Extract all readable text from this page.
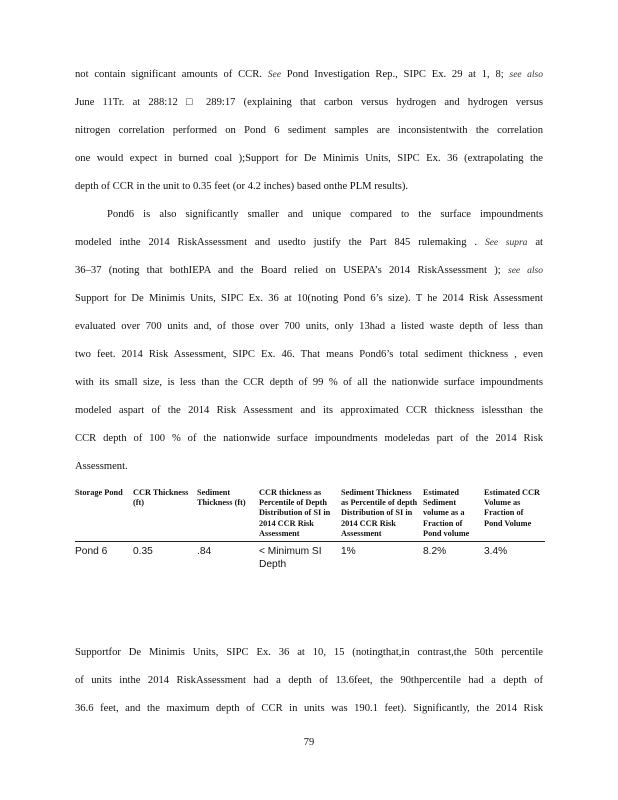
not contain significant amounts of CCR. See Pond Investigation Rep., SIPC Ex. 29 at 1, 8; see also
June 11Tr. at 288:12 □ 289:17 (explaining that carbon versus hydrogen and hydrogen versus
nitrogen correlation performed on Pond 6 sediment samples are inconsistentwith the correlation
one would expect in burned coal );Support for De Minimis Units, SIPC Ex. 36 (extrapolating the
depth of CCR in the unit to 0.35 feet (or 4.2 inches) based onthe PLM results).
Pond6 is also significantly smaller and unique compared to the surface impoundments
modeled inthe 2014 RiskAssessment and usedto justify the Part 845 rulemaking . See supra at
36–37 (noting that bothIEPA and the Board relied on USEPA’s 2014 RiskAssessment ); see also
Support for De Minimis Units, SIPC Ex. 36 at 10(noting Pond 6’s size). T he 2014 Risk Assessment
evaluated over 700 units and, of those over 700 units, only 13had a listed waste depth of less than
two feet. 2014 Risk Assessment, SIPC Ex. 46. That means Pond6’s total sediment thickness , even
with its small size, is less than the CCR depth of 99 % of all the nationwide surface impoundments
modeled aspart of the 2014 Risk Assessment and its approximated CCR thickness islessthan the
CCR depth of 100 % of the nationwide surface impoundments modeledas part of the 2014 Risk
Assessment.
Storage Pond	CCR Thickness (ft)	Sediment Thickness (ft)	CCR thickness as Percentile of Depth Distribution of SI in 2014 CCR Risk Assessment	Sediment Thickness as Percentile of depth Distribution of SI in 2014 CCR Risk Assessment	Estimated Sediment volume as a Fraction of Pond volume	Estimated CCR Volume as Fraction of Pond Volume
Pond 6	0.35	.84	< Minimum SI Depth	1%	8.2%	3.4%
Supportfor De Minimis Units, SIPC Ex. 36 at 10, 15 (notingthat,in contrast,the 50th percentile
of units inthe 2014 RiskAssessment had a depth of 13.6feet, the 90thpercentile had a depth of
36.6 feet, and the maximum depth of CCR in units was 190.1 feet). Significantly, the 2014 Risk
79
